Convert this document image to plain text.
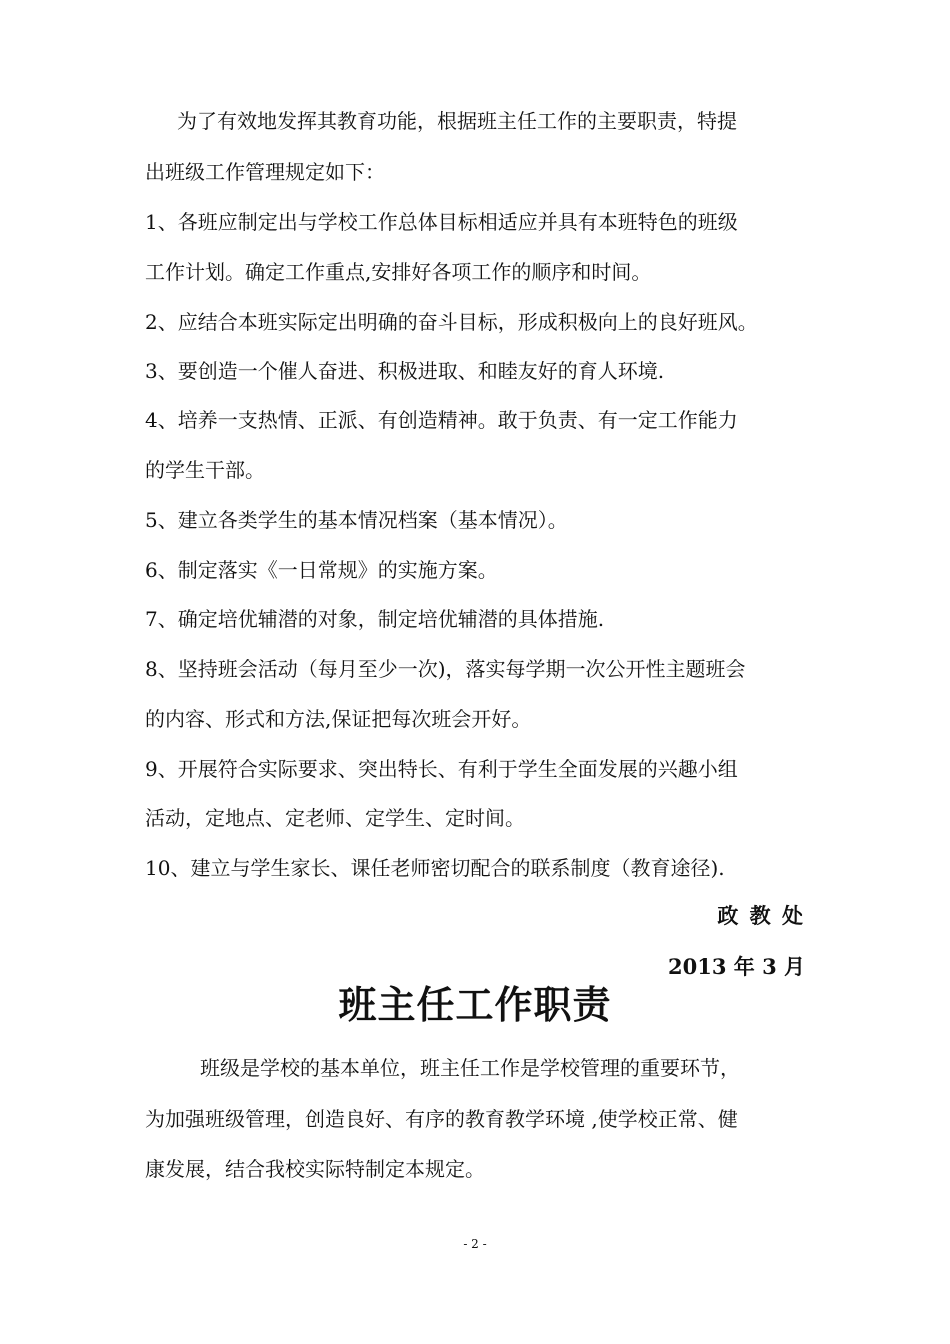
为了有效地发挥其教育功能，根据班主任工作的主要职责，特提
出班级工作管理规定如下：
1、各班应制定出与学校工作总体目标相适应并具有本班特色的班级
工作计划。确定工作重点,安排好各项工作的顺序和时间。
2、应结合本班实际定出明确的奋斗目标，形成积极向上的良好班风。
3、要创造一个催人奋进、积极进取、和睦友好的育人环境.
4、培养一支热情、正派、有创造精神。敢于负责、有一定工作能力
的学生干部。
5、建立各类学生的基本情况档案（基本情况）。
6、制定落实《一日常规》的实施方案。
7、确定培优辅潜的对象，制定培优辅潜的具体措施.
8、坚持班会活动（每月至少一次)，落实每学期一次公开性主题班会
的内容、形式和方法,保证把每次班会开好。
9、开展符合实际要求、突出特长、有利于学生全面发展的兴趣小组
活动，定地点、定老师、定学生、定时间。
10、建立与学生家长、课任老师密切配合的联系制度（教育途径).
政 教 处
2013 年 3 月
班主任工作职责
班级是学校的基本单位，班主任工作是学校管理的重要环节，
为加强班级管理，创造良好、有序的教育教学环境 ,使学校正常、健
康发展，结合我校实际特制定本规定。
- 2 -
